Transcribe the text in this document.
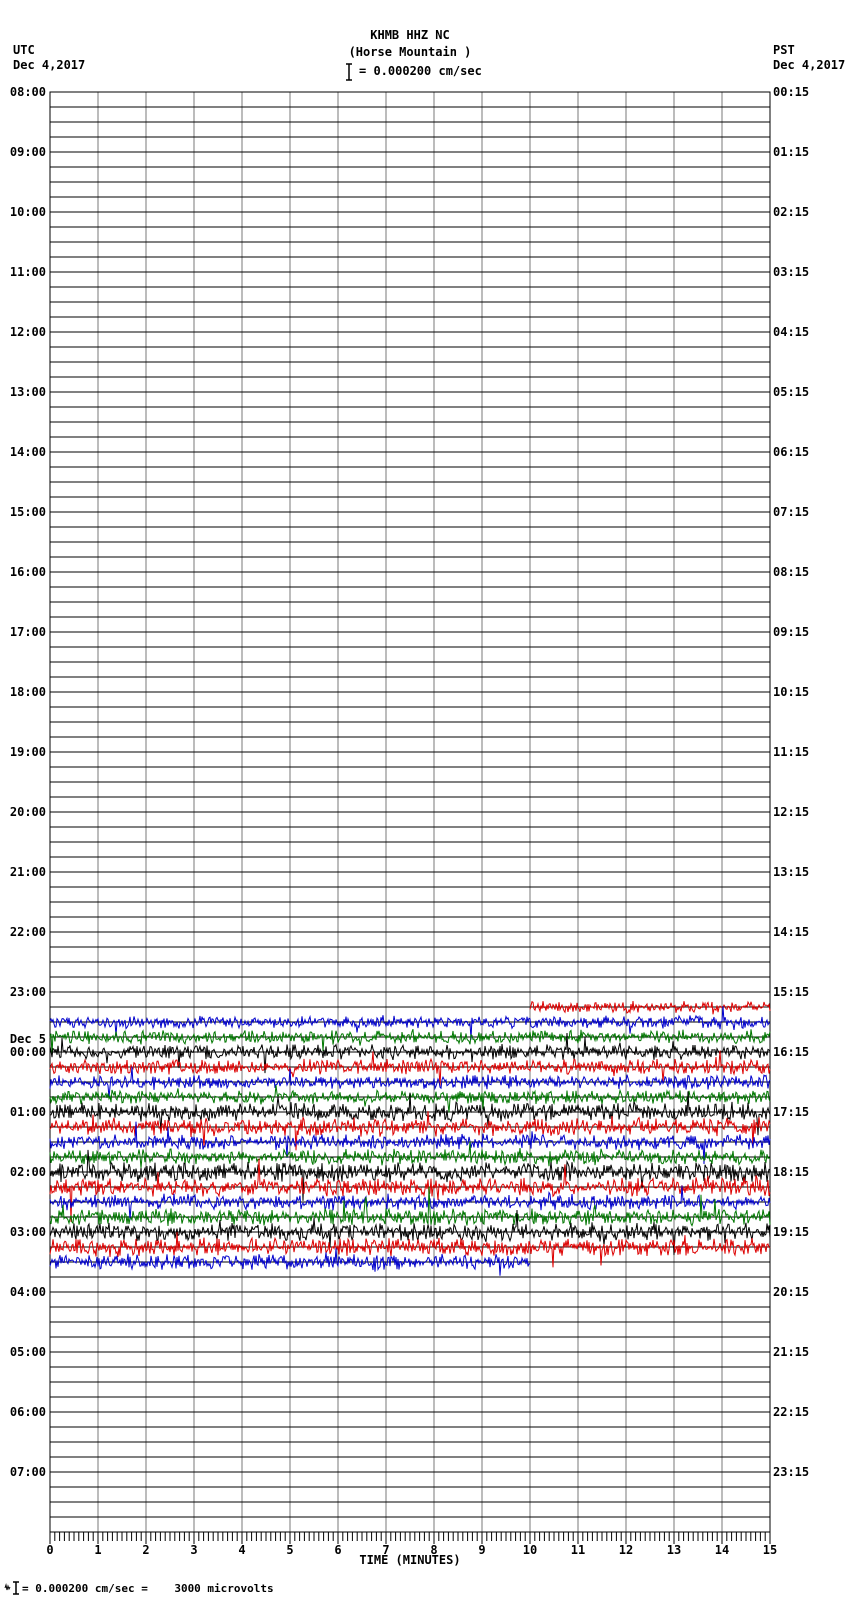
UTC
Dec 4,2017
PST
Dec 4,2017
KHMB HHZ NC
(Horse Mountain )
= 0.000200 cm/sec
08:00
09:00
10:00
11:00
12:00
13:00
14:00
15:00
16:00
17:00
18:00
19:00
20:00
21:00
22:00
23:00
00:00
01:00
02:00
03:00
04:00
05:00
06:00
07:00
Dec 5
00:15
01:15
02:15
03:15
04:15
05:15
06:15
07:15
08:15
09:15
10:15
11:15
12:15
13:15
14:15
15:15
16:15
17:15
18:15
19:15
20:15
21:15
22:15
23:15
0	1	2	3	4	5	6	7	8	9	10	11	12	13	14	15
TIME (MINUTES)
= 0.000200 cm/sec =    3000 microvolts
